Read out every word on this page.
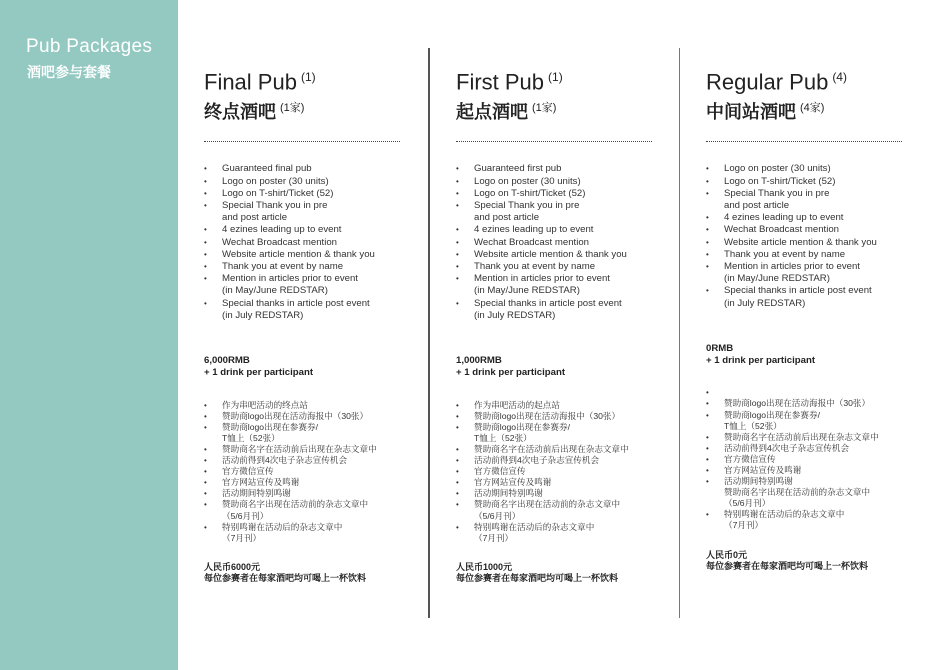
Pub Packages
酒吧参与套餐	Final Pub $^{(1)}$
终点酒吧 $^{(1家)}$
• Guaranteed final pub
• Logo on poster (30 units)
• Logo on T-shirt/Ticket (52)
• Special Thank you in pre
and post article
• 4 ezines leading up to event
• Wechat Broadcast mention
• Website article mention & thank you
• Thank you at event by name
• Mention in articles prior to event
(in May/June REDSTAR)
• Special thanks in article post event
(in July REDSTAR)
6,000RMB
+ 1 drink per participant
• 作为串吧活动的终点站
• 赞助商logo出现在活动海报中（30张）
• 赞助商logo出现在参赛券/
T恤上（52张）
• 赞助商名字在活动前后出现在杂志文章中
• 活动前得到4次电子杂志宣传机会
• 官方微信宣传
• 官方网站宣传及鸣谢
• 活动期间特别鸣谢
• 赞助商名字出现在活动前的杂志文章中
（5/6月刊）
• 特别鸣谢在活动后的杂志文章中
（7月刊）
人民币6000元
每位参赛者在每家酒吧均可喝上一杯饮料
First Pub $^{(1)}$
起点酒吧 $^{(1家)}$
• Guaranteed first pub
• Logo on poster (30 units)
• Logo on T-shirt/Ticket (52)
• Special Thank you in pre
and post article
• 4 ezines leading up to event
• Wechat Broadcast mention
• Website article mention & thank you
• Thank you at event by name
• Mention in articles prior to event
(in May/June REDSTAR)
• Special thanks in article post event
(in July REDSTAR)
1,000RMB
+ 1 drink per participant
• 作为串吧活动的起点站
• 赞助商logo出现在活动海报中（30张）
• 赞助商logo出现在参赛券/
T恤上（52张）
• 赞助商名字在活动前后出现在杂志文章中
• 活动前得到4次电子杂志宣传机会
• 官方微信宣传
• 官方网站宣传及鸣谢
• 活动期间特别鸣谢
• 赞助商名字出现在活动前的杂志文章中
（5/6月刊）
• 特别鸣谢在活动后的杂志文章中
（7月刊）
人民币1000元
每位参赛者在每家酒吧均可喝上一杯饮料
Regular Pub $^{(4)}$
中间站酒吧 $^{(4家)}$
• Logo on poster (30 units)
• Logo on T-shirt/Ticket (52)
• Special Thank you in pre
and post article
• 4 ezines leading up to event
• Wechat Broadcast mention
• Website article mention & thank you
• Thank you at event by name
• Mention in articles prior to event
(in May/June REDSTAR)
• Special thanks in article post event
(in July REDSTAR)
0RMB
+ 1 drink per participant
•
• 赞助商logo出现在活动海报中（30张）
• 赞助商logo出现在参赛券/
T恤上（52张）
• 赞助商名字在活动前后出现在杂志文章中
• 活动前得到4次电子杂志宣传机会
• 官方微信宣传
• 官方网站宣传及鸣谢
• 活动期间特别鸣谢
赞助商名字出现在活动前的杂志文章中
（5/6月刊）
• 特别鸣谢在活动后的杂志文章中
（7月刊）
人民币0元
每位参赛者在每家酒吧均可喝上一杯饮料
